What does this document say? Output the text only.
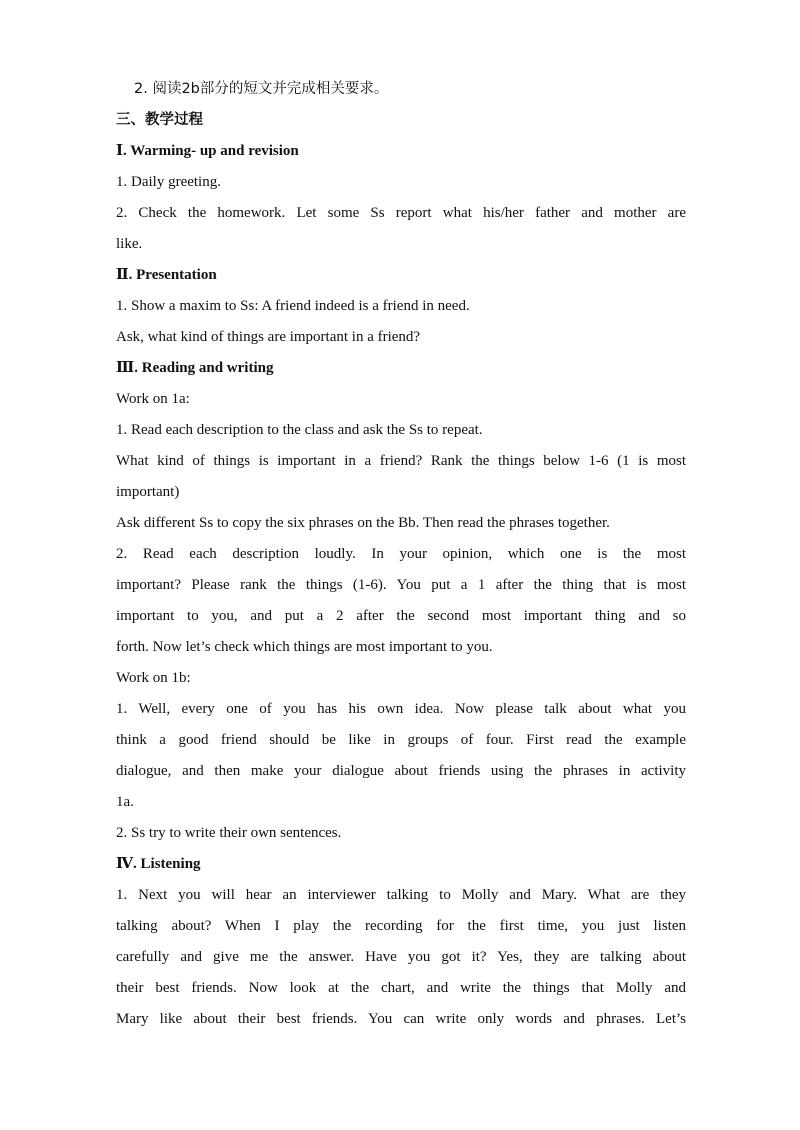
2. 阅读2b部分的短文并完成相关要求。
三、教学过程
Ⅰ. Warming- up and revision
1. Daily greeting.
2. Check the homework. Let some Ss report what his/her father and mother are
like.
Ⅱ. Presentation
1. Show a maxim to Ss: A friend indeed is a friend in need.
Ask, what kind of things are important in a friend?
Ⅲ. Reading and writing
Work on 1a:
1. Read each description to the class and ask the Ss to repeat.
What kind of things is important in a friend? Rank the things below 1-6 (1 is most
important)
Ask different Ss to copy the six phrases on the Bb. Then read the phrases together.
2. Read each description loudly. In your opinion, which one is the most
important? Please rank the things (1-6). You put a 1 after the thing that is most
important to you, and put a 2 after the second most important thing and so
forth. Now let’s check which things are most important to you.
Work on 1b:
1. Well, every one of you has his own idea. Now please talk about what you
think a good friend should be like in groups of four. First read the example
dialogue, and then make your dialogue about friends using the phrases in activity
1a.
2. Ss try to write their own sentences.
Ⅳ. Listening
1. Next you will hear an interviewer talking to Molly and Mary. What are they
talking about? When I play the recording for the first time, you just listen
carefully and give me the answer. Have you got it? Yes, they are talking about
their best friends. Now look at the chart, and write the things that Molly and
Mary like about their best friends. You can write only words and phrases. Let’s
